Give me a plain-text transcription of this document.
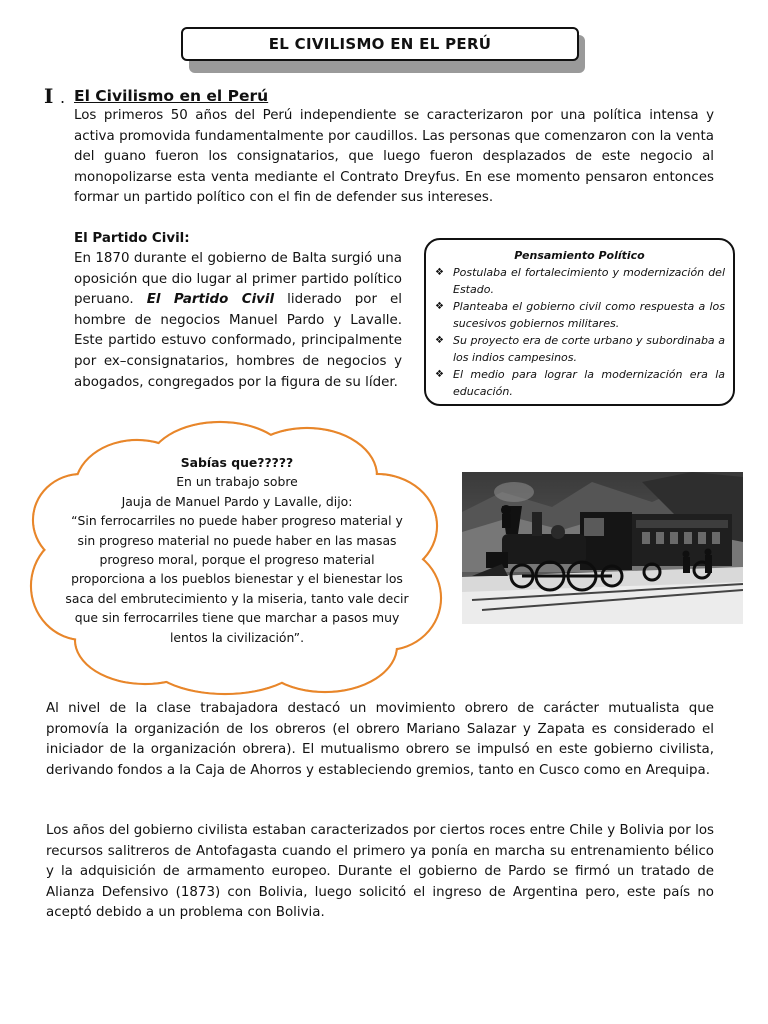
EL CIVILISMO EN EL PERÚ
I . El Civilismo en el Perú
Los primeros 50 años del Perú independiente se caracterizaron por una política intensa y activa promovida fundamentalmente por caudillos. Las personas que comenzaron con la venta del guano fueron los consignatarios, que luego fueron desplazados de este negocio al monopolizarse esta venta mediante el Contrato Dreyfus. En ese momento pensaron entonces formar un partido político con el fin de defender sus intereses.
El Partido Civil:
En 1870 durante el gobierno de Balta surgió una oposición que dio lugar al primer partido político peruano. El Partido Civil liderado por el hombre de negocios Manuel Pardo y Lavalle. Este partido estuvo conformado, principalmente por ex–consignatarios, hombres de negocios y abogados, congregados por la figura de su líder.
Pensamiento Político
❖ Postulaba el fortalecimiento y modernización del Estado.
❖ Planteaba el gobierno civil como respuesta a los sucesivos gobiernos militares.
❖ Su proyecto era de corte urbano y subordinaba a los indios campesinos.
❖ El medio para lograr la modernización era la educación.
Sabías que?????
En un trabajo sobre
Jauja de Manuel Pardo y Lavalle, dijo:
“Sin ferrocarriles no puede haber progreso material y sin progreso material no puede haber en las masas progreso moral, porque el progreso material proporciona a los pueblos bienestar y el bienestar los saca del embrutecimiento y la miseria, tanto vale decir que sin ferrocarriles tiene que marchar a pasos muy lentos la civilización”.
Al nivel de la clase trabajadora destacó un movimiento obrero de carácter mutualista que promovía la organización de los obreros (el obrero Mariano Salazar y Zapata es considerado el iniciador de la organización obrera). El mutualismo obrero se impulsó en este gobierno civilista, derivando fondos a la Caja de Ahorros y estableciendo gremios, tanto en Cusco como en Arequipa.
Los años del gobierno civilista estaban caracterizados por ciertos roces entre Chile y Bolivia por los recursos salitreros de Antofagasta cuando el primero ya ponía en marcha su entrenamiento bélico y la adquisición de armamento europeo. Durante el gobierno de Pardo se firmó un tratado de Alianza Defensivo (1873) con Bolivia, luego solicitó el ingreso de Argentina pero, este país no aceptó debido a un problema con Bolivia.
